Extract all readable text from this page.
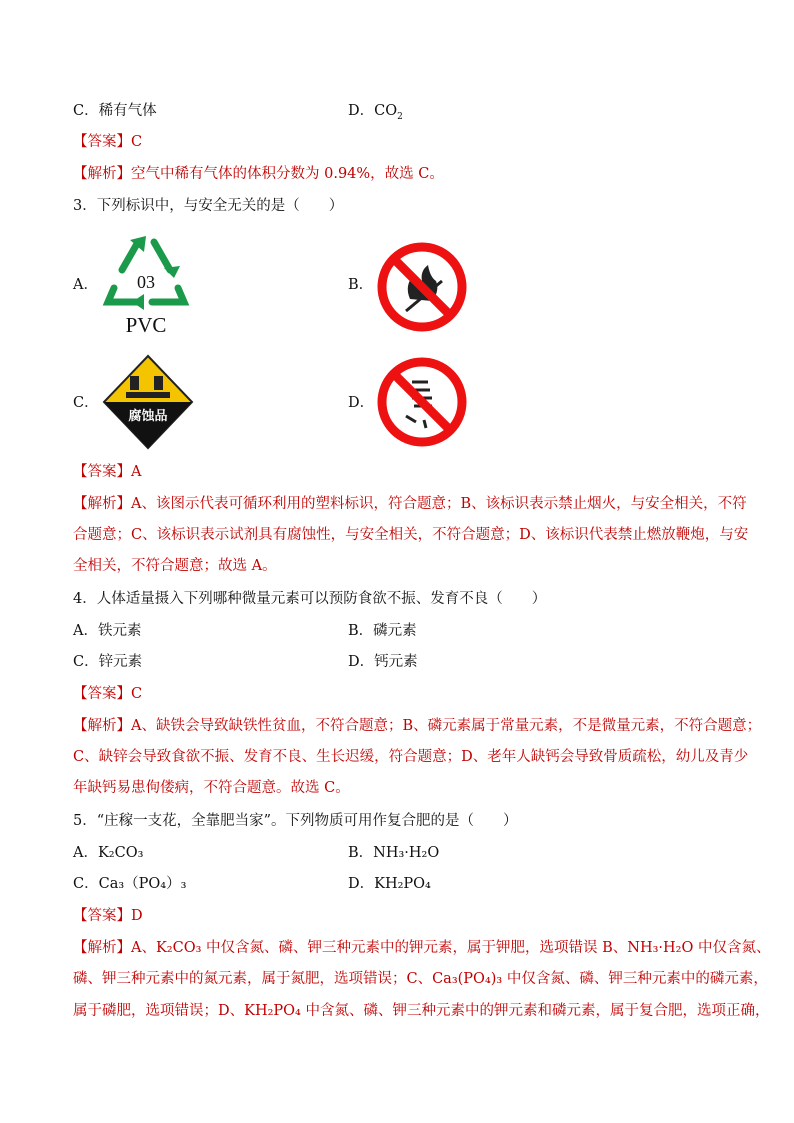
C．稀有气体	D．$CO_2$
【答案】C
【解析】空气中稀有气体的体积分数为 0.94%，故选 C。
3．下列标识中，与安全无关的是（　　）
A． 03
PVC
B．
C．
腐蚀品
D．
【答案】A
【解析】A、该图示代表可循环利用的塑料标识，符合题意；B、该标识表示禁止烟火，与安全相关，不符
合题意；C、该标识表示试剂具有腐蚀性，与安全相关，不符合题意；D、该标识代表禁止燃放鞭炮，与安
全相关，不符合题意；故选 A。
4．人体适量摄入下列哪种微量元素可以预防食欲不振、发育不良（　　）
A．铁元素	B．磷元素
C．锌元素	D．钙元素
【答案】C
【解析】A、缺铁会导致缺铁性贫血，不符合题意；B、磷元素属于常量元素，不是微量元素，不符合题意；
C、缺锌会导致食欲不振、发育不良、生长迟缓，符合题意；D、老年人缺钙会导致骨质疏松，幼儿及青少
年缺钙易患佝偻病，不符合题意。故选 C。
5．“庄稼一支花，全靠肥当家”。下列物质可用作复合肥的是（　　）
A．K₂CO₃	B．NH₃·H₂O
C．Ca₃（PO₄）₃	D．KH₂PO₄
【答案】D
【解析】A、K₂CO₃ 中仅含氮、磷、钾三种元素中的钾元素，属于钾肥，选项错误 B、NH₃·H₂O 中仅含氮、
磷、钾三种元素中的氮元素，属于氮肥，选项错误；C、Ca₃(PO₄)₃ 中仅含氮、磷、钾三种元素中的磷元素，
属于磷肥，选项错误；D、KH₂PO₄ 中含氮、磷、钾三种元素中的钾元素和磷元素，属于复合肥，选项正确，
